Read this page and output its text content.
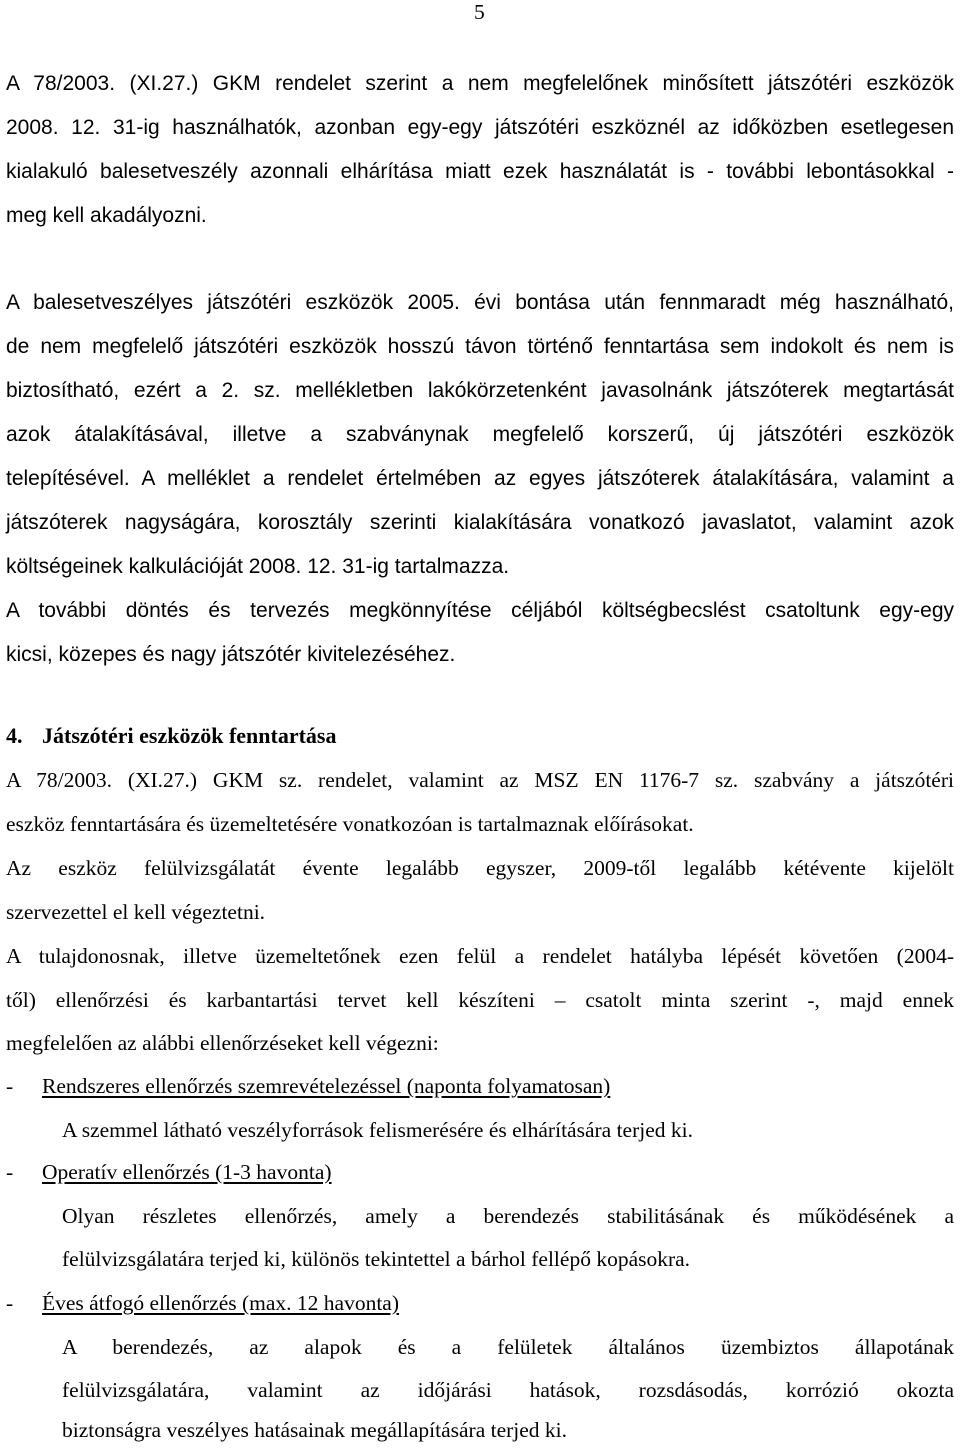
5
A 78/2003. (XI.27.) GKM rendelet szerint a nem megfelelőnek minősített játszótéri eszközök
2008. 12. 31-ig használhatók, azonban egy-egy játszótéri eszköznél az időközben esetlegesen
kialakuló balesetveszély azonnali elhárítása miatt ezek használatát is - további lebontásokkal -
meg kell akadályozni.
A balesetveszélyes játszótéri eszközök 2005. évi bontása után fennmaradt még használható,
de nem megfelelő játszótéri eszközök hosszú távon történő fenntartása sem indokolt és nem is
biztosítható, ezért a 2. sz. mellékletben lakókörzetenként javasolnánk játszóterek megtartását
azok átalakításával, illetve a szabványnak megfelelő korszerű, új játszótéri eszközök
telepítésével. A melléklet a rendelet értelmében az egyes játszóterek átalakítására, valamint a
játszóterek nagyságára, korosztály szerinti kialakítására vonatkozó javaslatot, valamint azok
költségeinek kalkulációját 2008. 12. 31-ig tartalmazza.
A további döntés és tervezés megkönnyítése céljából költségbecslést csatoltunk egy-egy
kicsi, közepes és nagy játszótér kivitelezéséhez.
4. Játszótéri eszközök fenntartása
A 78/2003. (XI.27.) GKM sz. rendelet, valamint az MSZ EN 1176-7 sz. szabvány a játszótéri
eszköz fenntartására és üzemeltetésére vonatkozóan is tartalmaznak előírásokat.
Az eszköz felülvizsgálatát évente legalább egyszer, 2009-től legalább kétévente kijelölt
szervezettel el kell végeztetni.
A tulajdonosnak, illetve üzemeltetőnek ezen felül a rendelet hatályba lépését követően (2004-
től) ellenőrzési és karbantartási tervet kell készíteni – csatolt minta szerint -, majd ennek
megfelelően az alábbi ellenőrzéseket kell végezni:
- Rendszeres ellenőrzés szemrevételezéssel (naponta folyamatosan)
A szemmel látható veszélyforrások felismerésére és elhárítására terjed ki.
- Operatív ellenőrzés (1-3 havonta)
Olyan részletes ellenőrzés, amely a berendezés stabilitásának és működésének a
felülvizsgálatára terjed ki, különös tekintettel a bárhol fellépő kopásokra.
- Éves átfogó ellenőrzés (max. 12 havonta)
A berendezés, az alapok és a felületek általános üzembiztos állapotának
felülvizsgálatára, valamint az időjárási hatások, rozsdásodás, korrózió okozta
biztonságra veszélyes hatásainak megállapítására terjed ki.
